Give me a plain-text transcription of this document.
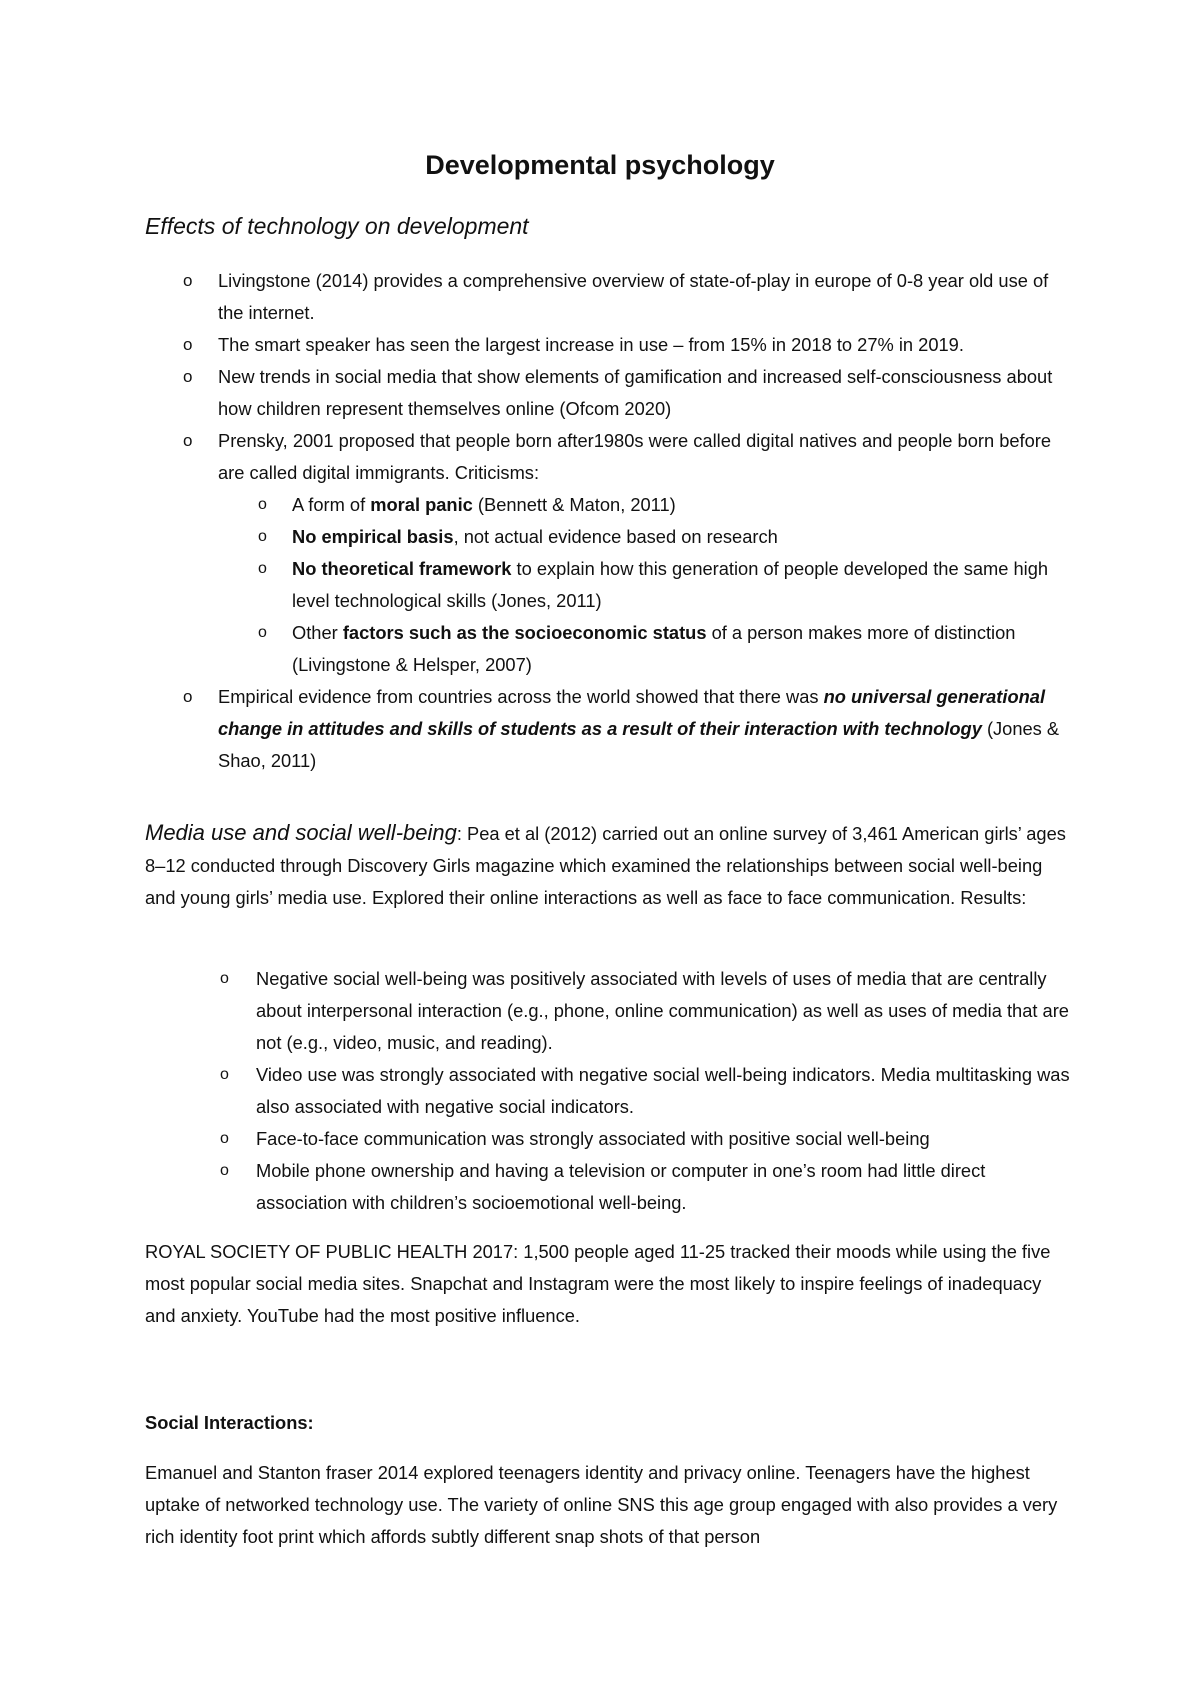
Developmental psychology
Effects of technology on development
o Livingstone (2014) provides a comprehensive overview of state-of-play in europe of 0-8 year old use of the internet.
o The smart speaker has seen the largest increase in use – from 15% in 2018 to 27% in 2019.
o New trends in social media that show elements of gamification and increased self-consciousness about how children represent themselves online (Ofcom 2020)
o Prensky, 2001 proposed that people born after1980s were called digital natives and people born before are called digital immigrants. Criticisms:
o A form of moral panic (Bennett & Maton, 2011)
o No empirical basis, not actual evidence based on research
o No theoretical framework to explain how this generation of people developed the same high level technological skills (Jones, 2011)
o Other factors such as the socioeconomic status of a person makes more of distinction (Livingstone & Helsper, 2007)
o Empirical evidence from countries across the world showed that there was no universal generational change in attitudes and skills of students as a result of their interaction with technology (Jones & Shao, 2011)
Media use and social well-being: Pea et al (2012) carried out an online survey of 3,461 American girls’ ages 8–12 conducted through Discovery Girls magazine which examined the relationships between social well-being and young girls’ media use. Explored their online interactions as well as face to face communication. Results:
o Negative social well-being was positively associated with levels of uses of media that are centrally about interpersonal interaction (e.g., phone, online communication) as well as uses of media that are not (e.g., video, music, and reading).
o Video use was strongly associated with negative social well-being indicators. Media multitasking was also associated with negative social indicators.
o Face-to-face communication was strongly associated with positive social well-being
o Mobile phone ownership and having a television or computer in one’s room had little direct association with children’s socioemotional well-being.
ROYAL SOCIETY OF PUBLIC HEALTH 2017: 1,500 people aged 11-25 tracked their moods while using the five most popular social media sites. Snapchat and Instagram were the most likely to inspire feelings of inadequacy and anxiety. YouTube had the most positive influence.
Social Interactions:
Emanuel and Stanton fraser 2014 explored teenagers identity and privacy online. Teenagers have the highest uptake of networked technology use. The variety of online SNS this age group engaged with also provides a very rich identity foot print which affords subtly different snap shots of that person
